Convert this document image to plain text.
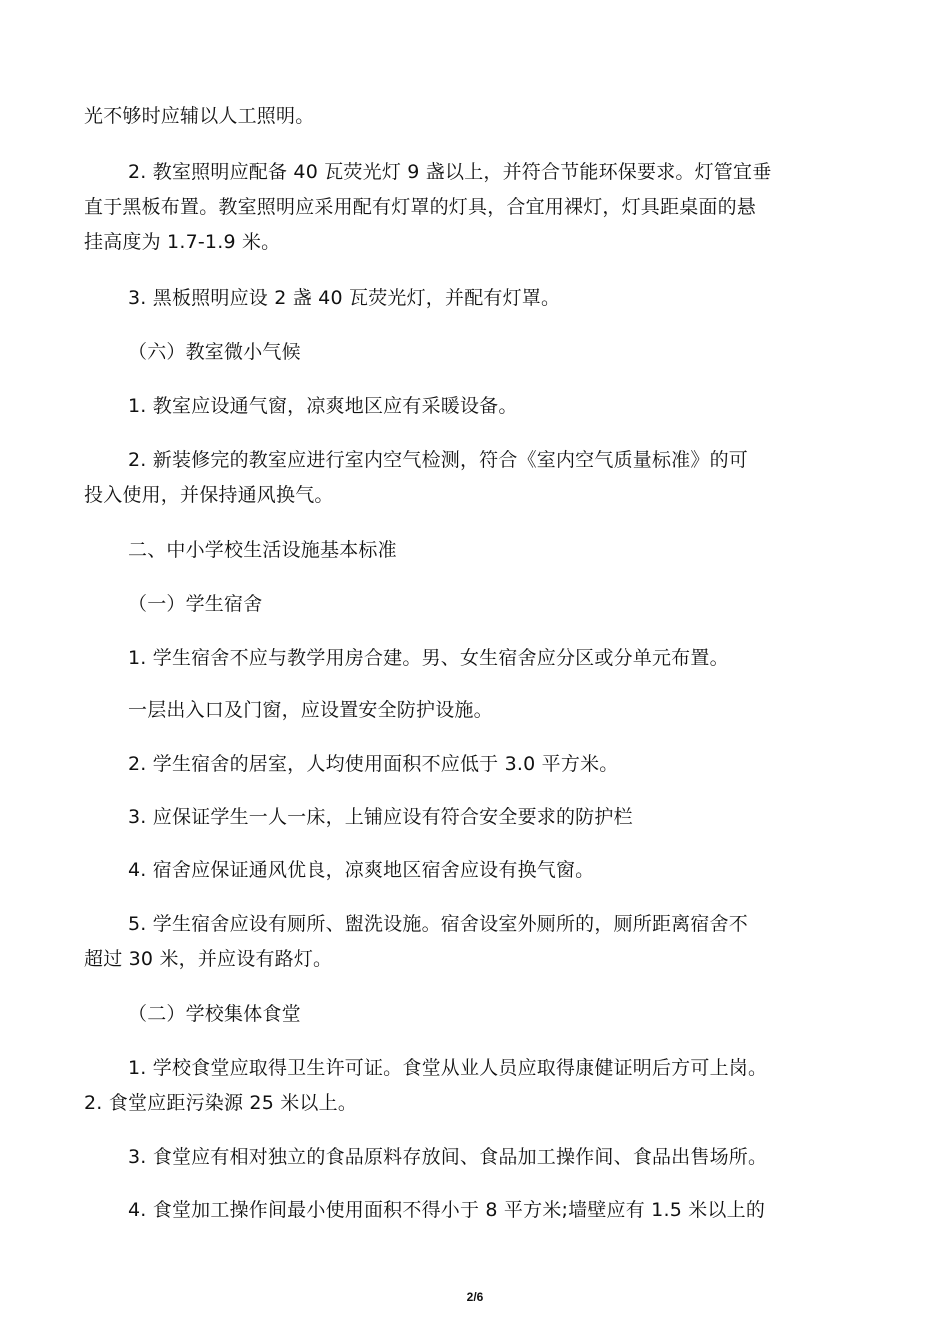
光不够时应辅以人工照明。
2. 教室照明应配备 40 瓦荧光灯 9 盏以上，并符合节能环保要求。灯管宜垂
直于黑板布置。教室照明应采用配有灯罩的灯具，合宜用裸灯，灯具距桌面的悬
挂高度为 1.7-1.9 米。
3. 黑板照明应设 2 盏 40 瓦荧光灯，并配有灯罩。
（六）教室微小气候
1. 教室应设通气窗，凉爽地区应有采暖设备。
2. 新装修完的教室应进行室内空气检测，符合《室内空气质量标准》的可
投入使用，并保持通风换气。
二、中小学校生活设施基本标准
（一）学生宿舍
1. 学生宿舍不应与教学用房合建。男、女生宿舍应分区或分单元布置。
一层出入口及门窗，应设置安全防护设施。
2. 学生宿舍的居室，人均使用面积不应低于 3.0 平方米。
3. 应保证学生一人一床，上铺应设有符合安全要求的防护栏
4. 宿舍应保证通风优良，凉爽地区宿舍应设有换气窗。
5. 学生宿舍应设有厕所、盥洗设施。宿舍设室外厕所的，厕所距离宿舍不
超过 30 米，并应设有路灯。
（二）学校集体食堂
1. 学校食堂应取得卫生许可证。食堂从业人员应取得康健证明后方可上岗。
2. 食堂应距污染源 25 米以上。
3. 食堂应有相对独立的食品原料存放间、食品加工操作间、食品出售场所。
4. 食堂加工操作间最小使用面积不得小于 8 平方米;墙壁应有 1.5 米以上的
2/6
